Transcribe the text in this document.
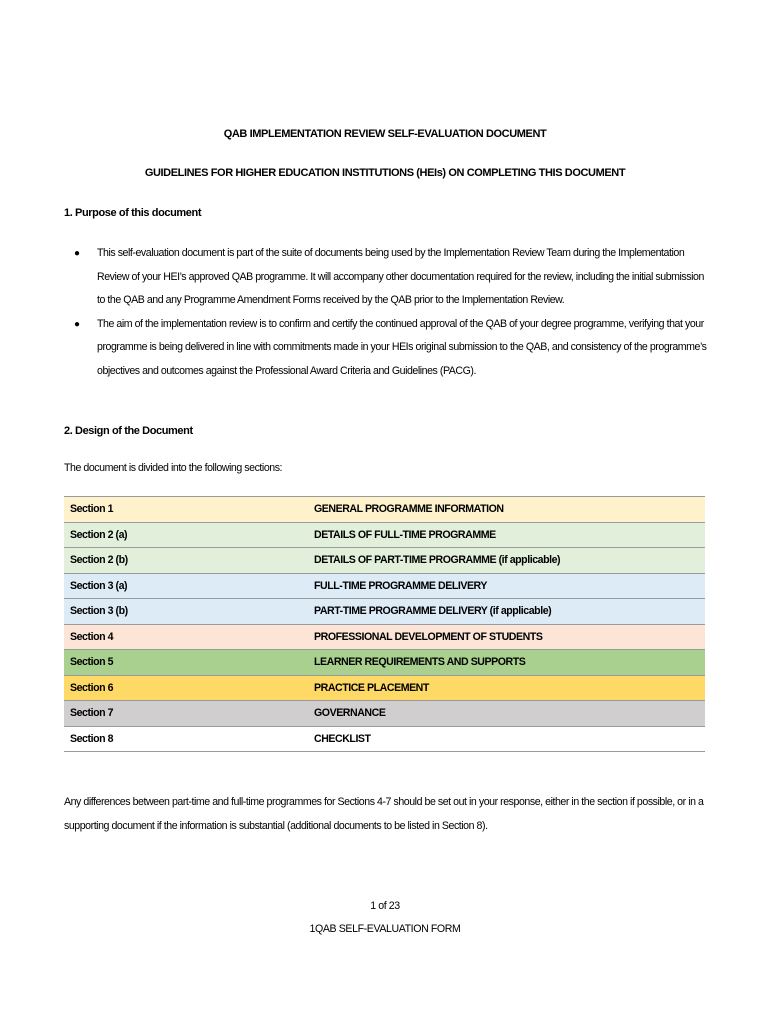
QAB IMPLEMENTATION REVIEW SELF-EVALUATION DOCUMENT
GUIDELINES FOR HIGHER EDUCATION INSTITUTIONS (HEIs) ON COMPLETING THIS DOCUMENT
1. Purpose of this document
● This self-evaluation document is part of the suite of documents being used by the Implementation Review Team during the Implementation Review of your HEI’s approved QAB programme. It will accompany other documentation required for the review, including the initial submission to the QAB and any Programme Amendment Forms received by the QAB prior to the Implementation Review.
● The aim of the implementation review is to confirm and certify the continued approval of the QAB of your degree programme, verifying that your programme is being delivered in line with commitments made in your HEIs original submission to the QAB, and consistency of the programme’s objectives and outcomes against the Professional Award Criteria and Guidelines (PACG).
2. Design of the Document
The document is divided into the following sections:
Section 1	GENERAL PROGRAMME INFORMATION
Section 2 (a)	DETAILS OF FULL-TIME PROGRAMME
Section 2 (b)	DETAILS OF PART-TIME PROGRAMME (if applicable)
Section 3 (a)	FULL-TIME PROGRAMME DELIVERY
Section 3 (b)	PART-TIME PROGRAMME DELIVERY (if applicable)
Section 4	PROFESSIONAL DEVELOPMENT OF STUDENTS
Section 5	LEARNER REQUIREMENTS AND SUPPORTS
Section 6	PRACTICE PLACEMENT
Section 7	GOVERNANCE
Section 8	CHECKLIST
Any differences between part-time and full-time programmes for Sections 4-7 should be set out in your response, either in the section if possible, or in a supporting document if the information is substantial (additional documents to be listed in Section 8).
1 of 23
1QAB SELF-EVALUATION FORM
